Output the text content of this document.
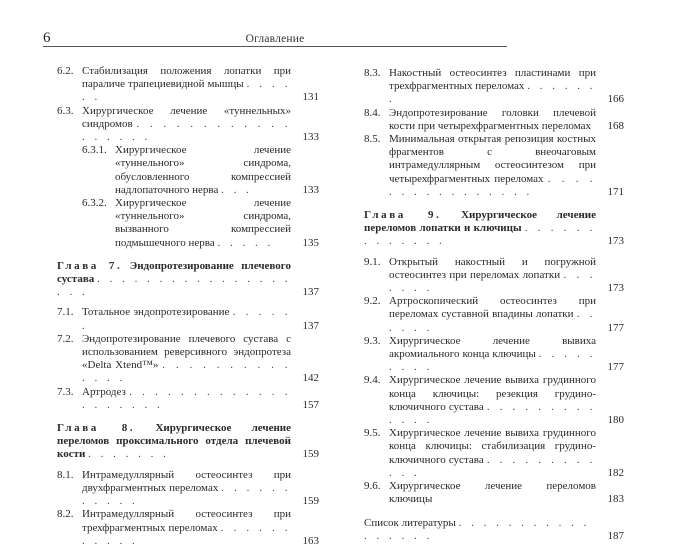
6	Оглавление
6.2. Стабилизация положения лопатки при параличе трапециевидной мышцы . . . . . .	131
6.3. Хирургическое лечение «туннельных» синдромов . . . . . . . . . . . . . . . . . .	133
6.3.1. Хирургическое лечение «туннельного» синдрома, обусловленного компрессией надлопаточного нерва . . .	133
6.3.2. Хирургическое лечение «туннельного» синдрома, вызванного компрессией подмышечного нерва . . . . .	135
Глава 7. Эндопротезирование плечевого сустава . . . . . . . . . . . . . . . . . . .	137
7.1. Тотальное эндопротезирование . . . . . .	137
7.2. Эндопротезирование плечевого сустава с использованием реверсивного эндопротеза «Delta Xtend™» . . . . . . . . . . . . . .	142
7.3. Артродез . . . . . . . . . . . . . . . . . . . .	157
Глава 8. Хирургическое лечение переломов проксимального отдела плечевой кости . . . . . . .	159
8.1. Интрамедуллярный остеосинтез при двухфрагментных переломах . . . . . . . . . . .	159
8.2. Интрамедуллярный остеосинтез при трехфрагментных переломах . . . . . . . . . . .	163
8.3. Накостный остеосинтез пластинами при трехфрагментных переломах . . . . . . .	166
8.4. Эндопротезирование головки плечевой кости при четырехфрагментных переломах	168
8.5. Минимальная открытая репозиция костных фрагментов с внеочаговым интрамедуллярным остеосинтезом при четырехфрагментных переломах . . . . . . . . . . . . . . . .	171
Глава 9. Хирургическое лечение переломов лопатки и ключицы . . . . . . . . . . . . .	173
9.1. Открытый накостный и погружной остеосинтез при переломах лопатки . . . . . . .	173
9.2. Артроскопический остеосинтез при переломах суставной впадины лопатки . . . . . .	177
9.3. Хирургическое лечение вывиха акромиального конца ключицы . . . . . . . . .	177
9.4. Хирургическое лечение вывиха грудинного конца ключицы: резекция грудино-ключичного сустава . . . . . . . . . . . . .	180
9.5. Хирургическое лечение вывиха грудинного конца ключицы: стабилизация грудино-ключичного сустава . . . . . . . . . . . .	182
9.6. Хирургическое лечение переломов ключицы	183
Список литературы . . . . . . . . . . . . . . . . .	187
